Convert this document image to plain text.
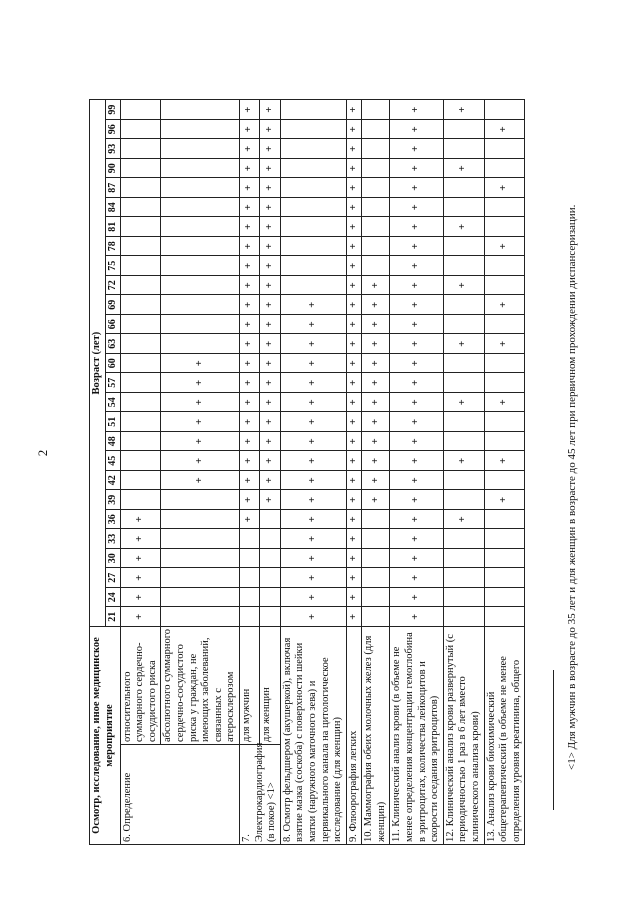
2
Осмотр, исследование, иное медицинское мероприятие		Возраст (лет)																										
		21	24	27	30	33	36	39	42	45	48	51	54	57	60	63	66	69	72	75	78	81	84	87	90	93	96	99
6. Определение	относительного суммарного сердечно-сосудистого риска	+	+	+	+	+	+																					
	абсолютного суммарного сердечно-сосудистого риска у граждан, не имеющих заболеваний, связанных с атеросклерозом								+	+	+	+	+	+	+													
7. Электрокардиография (в покое) <1>	для мужчин						+	+	+	+	+	+	+	+	+	+	+	+	+	+	+	+	+	+	+	+	+	+
	для женщин							+	+	+	+	+	+	+	+	+	+	+	+	+	+	+	+	+	+	+	+	+
8. Осмотр фельдшером (акушеркой), включая взятие мазка (соскоба) с поверхности шейки матки (наружного маточного зева) и цервикального канала на цитологическое исследование (для женщин)		+	+	+	+	+	+	+	+	+	+	+	+	+	+	+	+	+										
9. Флюорография легких		+	+	+	+	+	+	+	+	+	+	+	+	+	+	+	+	+	+	+	+	+	+	+	+	+	+	+
10. Маммография обеих молочных желез (для женщин)								+	+	+	+	+	+	+	+	+	+	+	+									
11. Клинический анализ крови (в объеме не менее определения концентрации гемоглобина в эритроцитах, количества лейкоцитов и скорости оседания эритроцитов)		+	+	+	+	+	+	+	+	+	+	+	+	+	+	+	+	+	+	+	+	+	+	+	+	+	+	+
12. Клинический анализ крови развернутый (с периодичностью 1 раз в 6 лет вместо клинического анализа крови)							+			+			+			+			+			+			+			+
13. Анализ крови биохимический общетерапевтический (в объеме не менее определения уровня креатинина, общего								+		+			+			+		+			+			+			+	
<1> Для мужчин в возрасте до 35 лет и для женщин в возрасте до 45 лет при первичном прохождении диспансеризации.
